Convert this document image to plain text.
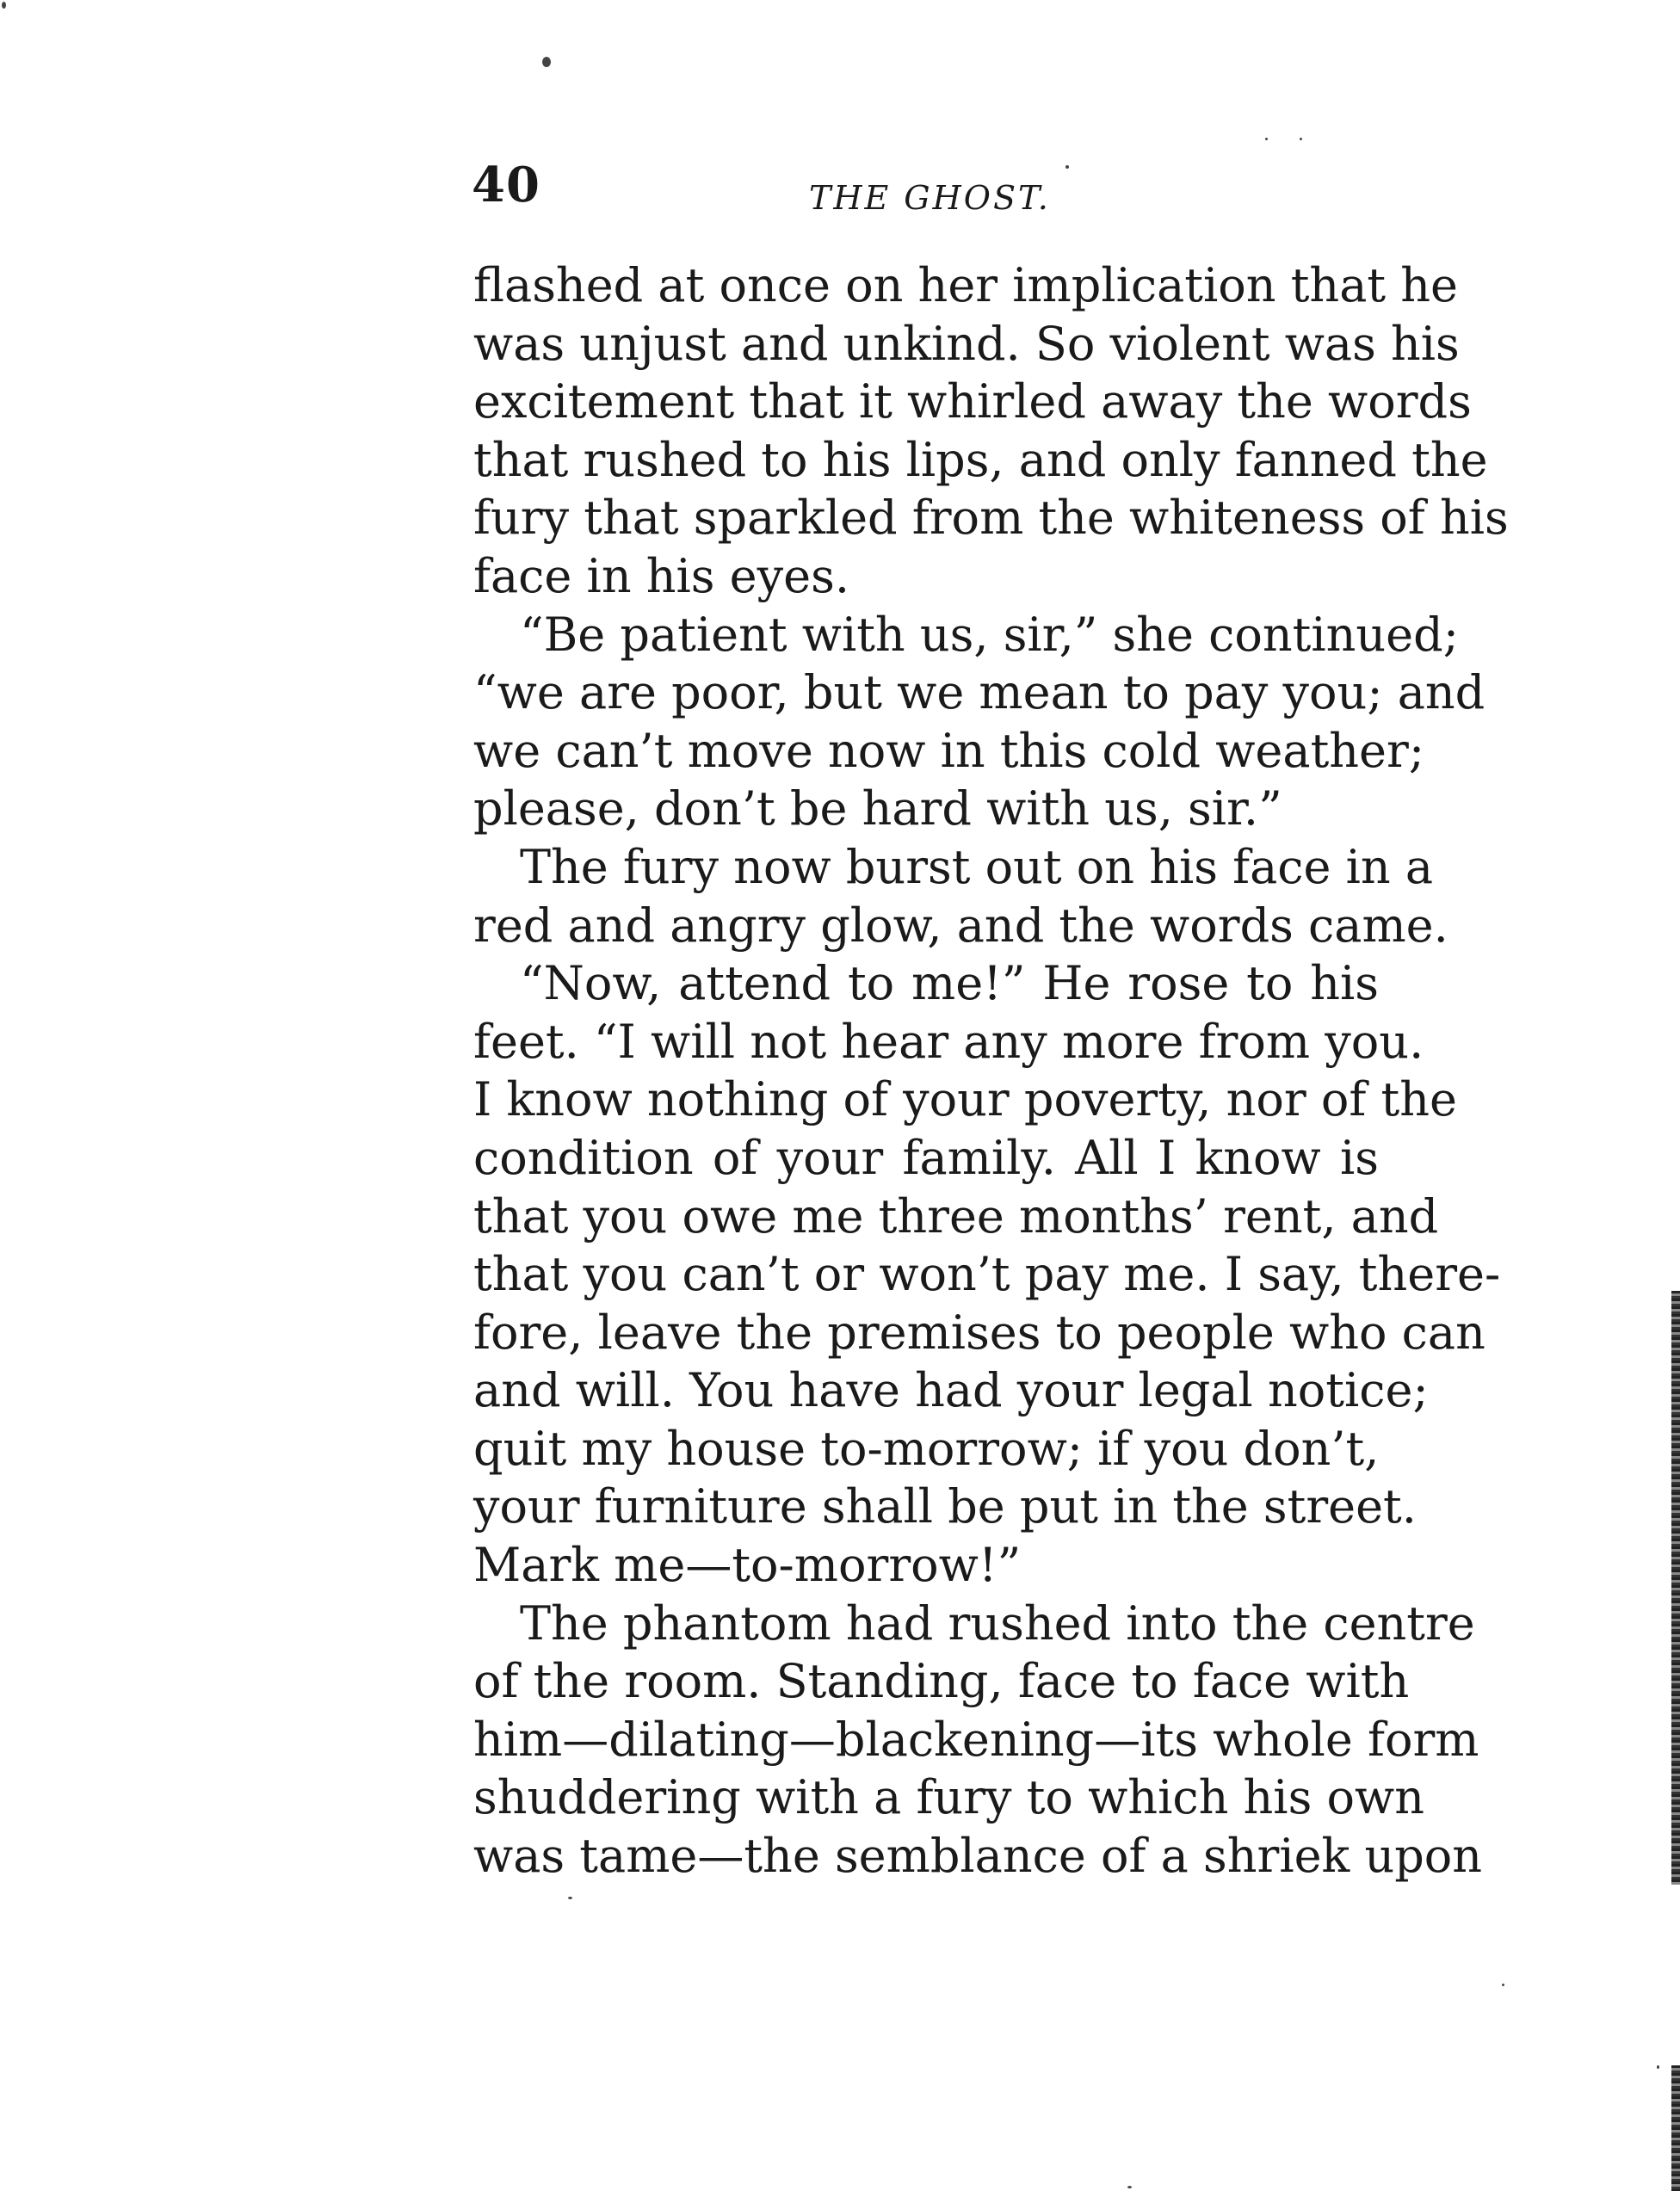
40	THE GHOST.
flashed at once on her implication that he
was unjust and unkind. So violent was his
excitement that it whirled away the words
that rushed to his lips, and only fanned the
fury that sparkled from the whiteness of his
face in his eyes.
“Be patient with us, sir,” she continued;
“we are poor, but we mean to pay you; and
we can’t move now in this cold weather;
please, don’t be hard with us, sir.”
The fury now burst out on his face in a
red and angry glow, and the words came.
“Now, attend to me!” He rose to his
feet. “I will not hear any more from you.
I know nothing of your poverty, nor of the
condition of your family. All I know is
that you owe me three months’ rent, and
that you can’t or won’t pay me. I say, there-
fore, leave the premises to people who can
and will. You have had your legal notice;
quit my house to-morrow; if you don’t,
your furniture shall be put in the street.
Mark me—to-morrow!”
The phantom had rushed into the centre
of the room. Standing, face to face with
him—dilating—blackening—its whole form
shuddering with a fury to which his own
was tame—the semblance of a shriek upon
